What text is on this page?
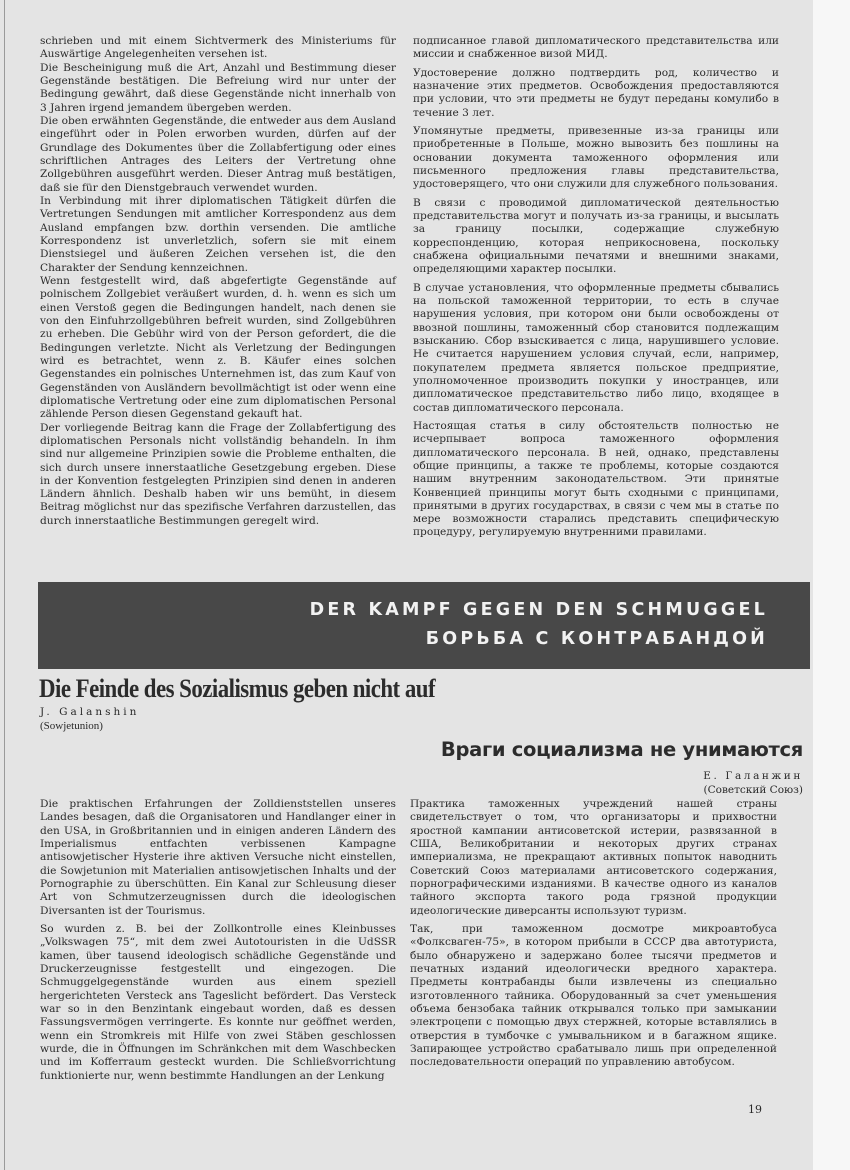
schrieben und mit einem Sichtvermerk des Ministeriums für Auswärtige Angelegenheiten versehen ist.

Die Bescheinigung muß die Art, Anzahl und Bestimmung dieser Gegenstände bestätigen. Die Befreiung wird nur unter der Bedingung gewährt, daß diese Gegenstände nicht innerhalb von 3 Jahren irgend jemandem übergeben werden.

Die oben erwähnten Gegenstände, die entweder aus dem Ausland eingeführt oder in Polen erworben wurden, dürfen auf der Grundlage des Dokumentes über die Zollabfertigung oder eines schriftlichen Antrages des Leiters der Vertretung ohne Zollgebühren ausgeführt werden. Dieser Antrag muß bestätigen, daß sie für den Dienstgebrauch verwendet wurden.

In Verbindung mit ihrer diplomatischen Tätigkeit dürfen die Vertretungen Sendungen mit amtlicher Korrespondenz aus dem Ausland empfangen bzw. dorthin versenden. Die amtliche Korrespondenz ist unverletzlich, sofern sie mit einem Dienstsiegel und äußeren Zeichen versehen ist, die den Charakter der Sendung kennzeichnen.

Wenn festgestellt wird, daß abgefertigte Gegenstände auf polnischem Zollgebiet veräußert wurden, d. h. wenn es sich um einen Verstoß gegen die Bedingungen handelt, nach denen sie von den Einfuhrzollgebühren befreit wurden, sind Zollgebühren zu erheben. Die Gebühr wird von der Person gefordert, die die Bedingungen verletzte. Nicht als Verletzung der Bedingungen wird es betrachtet, wenn z. B. Käufer eines solchen Gegenstandes ein polnisches Unternehmen ist, das zum Kauf von Gegenständen von Ausländern bevollmächtigt ist oder wenn eine diplomatische Vertretung oder eine zum diplomatischen Personal zählende Person diesen Gegenstand gekauft hat.

Der vorliegende Beitrag kann die Frage der Zollabfertigung des diplomatischen Personals nicht vollständig behandeln. In ihm sind nur allgemeine Prinzipien sowie die Probleme enthalten, die sich durch unsere innerstaatliche Gesetzgebung ergeben. Diese in der Konvention festgelegten Prinzipien sind denen in anderen Ländern ähnlich. Deshalb haben wir uns bemüht, in diesem Beitrag möglichst nur das spezifische Verfahren darzustellen, das durch innerstaatliche Bestimmungen geregelt wird.

подписанное главой дипломатического представительства или миссии и снабженное визой МИД.

Удостоверение должно подтвердить род, количество и назначение этих предметов. Освобождения предоставляются при условии, что эти предметы не будут переданы комулибо в течение 3 лет.

Упомянутые предметы, привезенные из-за границы или приобретенные в Польше, можно вывозить без пошлины на основании документа таможенного оформления или письменного предложения главы представительства, удостоверящего, что они служили для служебного пользования.

В связи с проводимой дипломатической деятельностью представительства могут и получать из-за границы, и высылать за границу посылки, содержащие служебную корреспонденцию, которая неприкосновена, поскольку снабжена официальными печатями и внешними знаками, определяющими характер посылки.

В случае установления, что оформленные предметы сбывались на польской таможенной территории, то есть в случае нарушения условия, при котором они были освобождены от ввозной пошлины, таможенный сбор становится подлежащим взысканию. Сбор взыскивается с лица, нарушившего условие. Не считается нарушением условия случай, если, например, покупателем предмета является польское предприятие, уполномоченное производить покупки у иностранцев, или дипломатическое представительство либо лицо, входящее в состав дипломатического персонала.

Настоящая статья в силу обстоятельств полностью не исчерпывает вопроса таможенного оформления дипломатического персонала. В ней, однако, представлены общие принципы, а также те проблемы, которые создаются нашим внутренним законодательством. Эти принятые Конвенцией принципы могут быть сходными с принципами, принятыми в других государствах, в связи с чем мы в статье по мере возможности старались представить специфическую процедуру, регулируемую внутренними правилами.

DER KAMPF GEGEN DEN SCHMUGGEL
БОРЬБА С КОНТРАБАНДОЙ
Die Feinde des Sozialismus geben nicht auf
J. Galanshin
(Sowjetunion)
Враги социализма не унимаются
Е. Галанжин
(Советский Союз)

Die praktischen Erfahrungen der Zolldienststellen unseres Landes besagen, daß die Organisatoren und Handlanger einer in den USA, in Großbritannien und in einigen anderen Ländern des Imperialismus entfachten verbissenen Kampagne antisowjetischer Hysterie ihre aktiven Versuche nicht einstellen, die Sowjetunion mit Materialien antisowjetischen Inhalts und der Pornographie zu überschütten. Ein Kanal zur Schleusung dieser Art von Schmutzerzeugnissen durch die ideologischen Diversanten ist der Tourismus.

So wurden z. B. bei der Zollkontrolle eines Kleinbusses „Volkswagen 75“, mit dem zwei Autotouristen in die UdSSR kamen, über tausend ideologisch schädliche Gegenstände und Druckerzeugnisse festgestellt und eingezogen. Die Schmuggelgegenstände wurden aus einem speziell hergerichteten Versteck ans Tageslicht befördert. Das Versteck war so in den Benzintank eingebaut worden, daß es dessen Fassungsvermögen verringerte. Es konnte nur geöffnet werden, wenn ein Stromkreis mit Hilfe von zwei Stäben geschlossen wurde, die in Öffnungen im Schränkchen mit dem Waschbecken und im Kofferraum gesteckt wurden. Die Schließvorrichtung funktionierte nur, wenn bestimmte Handlungen an der Lenkung

Практика таможенных учреждений нашей страны свидетельствует о том, что организаторы и прихвостни яростной кампании антисоветской истерии, развязанной в США, Великобритании и некоторых других странах империализма, не прекращают активных попыток наводнить Советский Союз материалами антисоветского содержания, порнографическими изданиями. В качестве одного из каналов тайного экспорта такого рода грязной продукции идеологические диверсанты используют туризм.

Так, при таможенном досмотре микроавтобуса «Фолксваген-75», в котором прибыли в СССР два автотуриста, было обнаружено и задержано более тысячи предметов и печатных изданий идеологически вредного характера. Предметы контрабанды были извлечены из специально изготовленного тайника. Оборудованный за счет уменьшения объема бензобака тайник открывался только при замыкании электроцепи с помощью двух стержней, которые вставлялись в отверстия в тумбочке с умывальником и в багажном ящике. Запирающее устройство срабатывало лишь при определенной последовательности операций по управлению автобусом.

19
